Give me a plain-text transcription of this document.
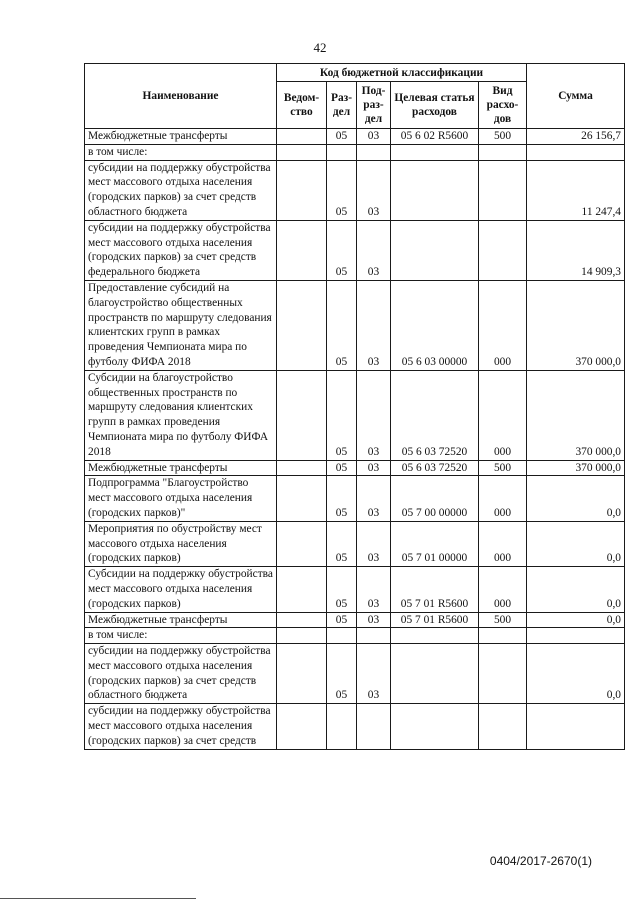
42
Наименование	Код бюджетной классификации					Сумма
	Ведом-ство	Раз-дел	Под-раз-дел	Целевая статья расходов	Вид расхо-дов	
Межбюджетные трансферты		05	03	05 6 02 R5600	500	26 156,7
в том числе:						
субсидии на поддержку обустройства мест массового отдыха населения (городских парков) за счет средств областного бюджета		05	03			11 247,4
субсидии на поддержку обустройства мест массового отдыха населения (городских парков) за счет средств федерального бюджета		05	03			14 909,3
Предоставление субсидий на благоустройство общественных пространств по маршруту следования клиентских групп в рамках проведения Чемпионата мира по футболу ФИФА 2018		05	03	05 6 03 00000	000	370 000,0
Субсидии на благоустройство общественных пространств по маршруту следования клиентских групп в рамках проведения Чемпионата мира по футболу ФИФА 2018		05	03	05 6 03 72520	000	370 000,0
Межбюджетные трансферты		05	03	05 6 03 72520	500	370 000,0
Подпрограмма "Благоустройство мест массового отдыха населения (городских парков)"		05	03	05 7 00 00000	000	0,0
Мероприятия по обустройству мест массового отдыха населения (городских парков)		05	03	05 7 01 00000	000	0,0
Субсидии на поддержку обустройства мест массового отдыха населения (городских парков)		05	03	05 7 01 R5600	000	0,0
Межбюджетные трансферты		05	03	05 7 01 R5600	500	0,0
в том числе:						
субсидии на поддержку обустройства мест массового отдыха населения (городских парков) за счет средств областного бюджета		05	03			0,0
субсидии на поддержку обустройства мест массового отдыха населения (городских парков) за счет средств						
0404/2017-2670(1)
